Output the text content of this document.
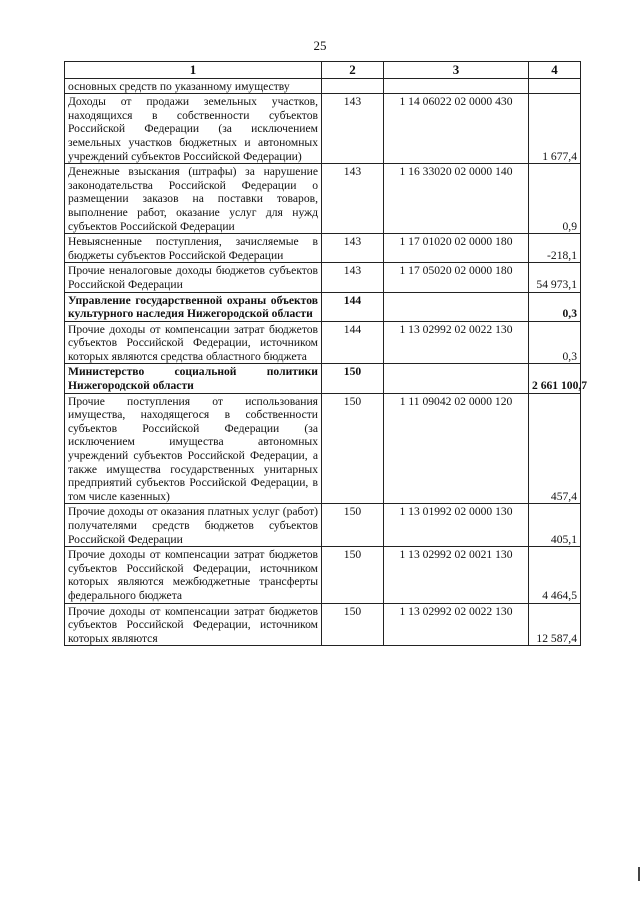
25
1	2	3	4
основных средств по указанному имуществу			
Доходы от продажи земельных участков, находящихся в собственности субъектов Российской Федерации (за исключением земельных участков бюджетных и автономных учреждений субъектов Российской Федерации)	143	1 14 06022 02 0000 430	1 677,4
Денежные взыскания (штрафы) за нарушение законодательства Российской Федерации о размещении заказов на поставки товаров, выполнение работ, оказание услуг для нужд субъектов Российской Федерации	143	1 16 33020 02 0000 140	0,9
Невыясненные поступления, зачисляемые в бюджеты субъектов Российской Федерации	143	1 17 01020 02 0000 180	-218,1
Прочие неналоговые доходы бюджетов субъектов Российской Федерации	143	1 17 05020 02 0000 180	54 973,1
Управление государственной охраны объектов культурного наследия Нижегородской области	144		0,3
Прочие доходы от компенсации затрат бюджетов субъектов Российской Федерации, источником которых являются средства областного бюджета	144	1 13 02992 02 0022 130	0,3
Министерство социальной политики Нижегородской области	150		2 661 100,7
Прочие поступления от использования имущества, находящегося в собственности субъектов Российской Федерации (за исключением имущества автономных учреждений субъектов Российской Федерации, а также имущества государственных унитарных предприятий субъектов Российской Федерации, в том числе казенных)	150	1 11 09042 02 0000 120	457,4
Прочие доходы от оказания платных услуг (работ) получателями средств бюджетов субъектов Российской Федерации	150	1 13 01992 02 0000 130	405,1
Прочие доходы от компенсации затрат бюджетов субъектов Российской Федерации, источником которых являются межбюджетные трансферты федерального бюджета	150	1 13 02992 02 0021 130	4 464,5
Прочие доходы от компенсации затрат бюджетов субъектов Российской Федерации, источником которых являются	150	1 13 02992 02 0022 130	12 587,4
